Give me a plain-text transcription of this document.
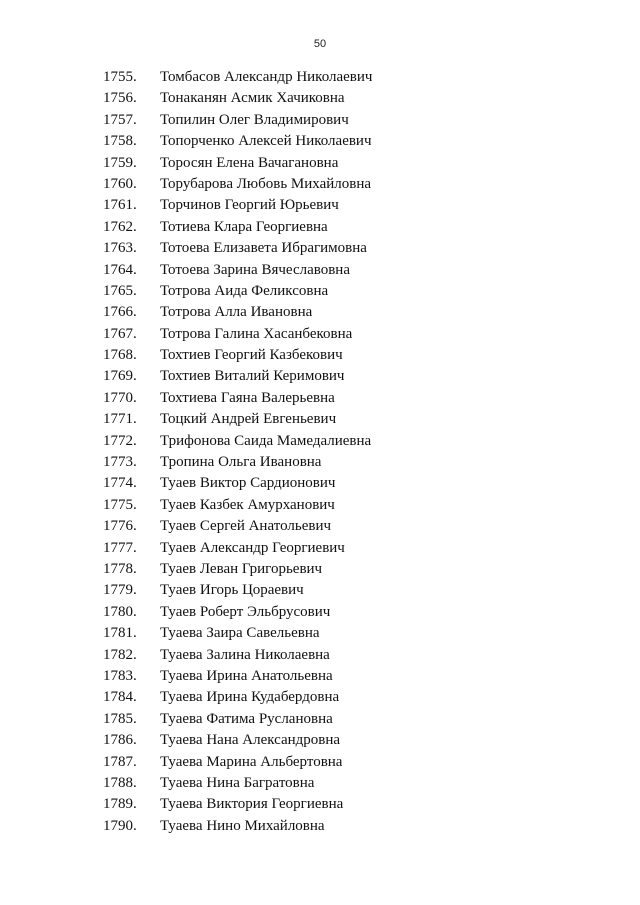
50
1755. Томбасов Александр Николаевич
1756. Тонаканян Асмик Хачиковна
1757. Топилин Олег Владимирович
1758. Топорченко Алексей Николаевич
1759. Торосян Елена Вачагановна
1760. Торубарова Любовь Михайловна
1761. Торчинов Георгий Юрьевич
1762. Тотиева Клара Георгиевна
1763. Тотоева Елизавета Ибрагимовна
1764. Тотоева Зарина Вячеславовна
1765. Тотрова Аида Феликсовна
1766. Тотрова Алла Ивановна
1767. Тотрова Галина Хасанбековна
1768. Тохтиев Георгий Казбекович
1769. Тохтиев Виталий Керимович
1770. Тохтиева Гаяна Валерьевна
1771. Тоцкий Андрей Евгеньевич
1772. Трифонова Саида Мамедалиевна
1773. Тропина Ольга Ивановна
1774. Туаев Виктор Сардионович
1775. Туаев Казбек Амурханович
1776. Туаев Сергей Анатольевич
1777. Туаев Александр Георгиевич
1778. Туаев Леван Григорьевич
1779. Туаев Игорь Цораевич
1780. Туаев Роберт Эльбрусович
1781. Туаева Заира Савельевна
1782. Туаева Залина Николаевна
1783. Туаева Ирина Анатольевна
1784. Туаева Ирина Кудабердовна
1785. Туаева Фатима Руслановна
1786. Туаева Нана Александровна
1787. Туаева Марина Альбертовна
1788. Туаева Нина Багратовна
1789. Туаева Виктория Георгиевна
1790. Туаева Нино Михайловна
